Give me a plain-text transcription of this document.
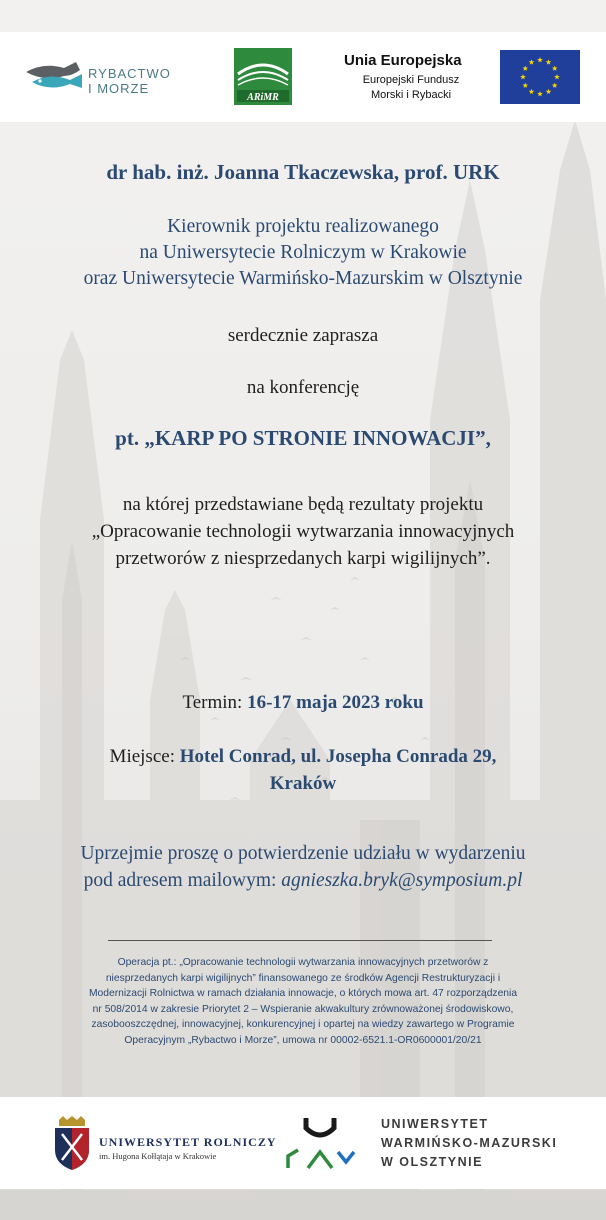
RYBACTWO
I MORZE
ARiMR
Unia Europejska
Europejski Fundusz
Morski i Rybacki
dr hab. inż. Joanna Tkaczewska, prof. URK
Kierownik projektu realizowanego
na Uniwersytecie Rolniczym w Krakowie
oraz Uniwersytecie Warmińsko-Mazurskim w Olsztynie
serdecznie zaprasza
na konferencję
pt. „KARP PO STRONIE INNOWACJI”,
na której przedstawiane będą rezultaty projektu
„Opracowanie technologii wytwarzania innowacyjnych
przetworów z niesprzedanych karpi wigilijnych”.
Termin: 16-17 maja 2023 roku
Miejsce: Hotel Conrad, ul. Josepha Conrada 29,
Kraków
Uprzejmie proszę o potwierdzenie udziału w wydarzeniu
pod adresem mailowym: agnieszka.bryk@symposium.pl
Operacja pt.: „Opracowanie technologii wytwarzania innowacyjnych przetworów z
niesprzedanych karpi wigilijnych” finansowanego ze środków Agencji Restrukturyzacji i
Modernizacji Rolnictwa w ramach działania innowacje, o których mowa art. 47 rozporządzenia
nr 508/2014 w zakresie Priorytet 2 – Wspieranie akwakultury zrównoważonej środowiskowo,
zasobooszczędnej, innowacyjnej, konkurencyjnej i opartej na wiedzy zawartego w Programie
Operacyjnym „Rybactwo i Morze”, umowa nr 00002-6521.1-OR0600001/20/21
UNIWERSYTET ROLNICZY
im. Hugona Kołłątaja w Krakowie
UNIWERSYTET
WARMIŃSKO-MAZURSKI
W OLSZTYNIE
